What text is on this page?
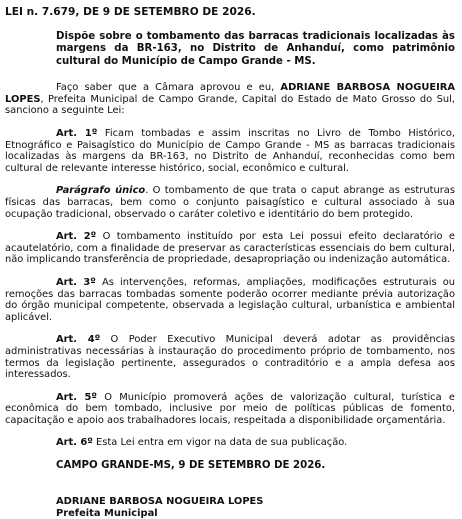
LEI n. 7.679, DE 9 DE SETEMBRO DE 2026.
Dispõe sobre o tombamento das barracas tradicionais localizadas às margens da BR-163, no Distrito de Anhanduí, como patrimônio cultural do Município de Campo Grande - MS.

Faço saber que a Câmara aprovou e eu, ADRIANE BARBOSA NOGUEIRA LOPES, Prefeita Municipal de Campo Grande, Capital do Estado de Mato Grosso do Sul, sanciono a seguinte Lei:

Art. 1º Ficam tombadas e assim inscritas no Livro de Tombo Histórico, Etnográfico e Paisagístico do Município de Campo Grande - MS as barracas tradicionais localizadas às margens da BR-163, no Distrito de Anhanduí, reconhecidas como bem cultural de relevante interesse histórico, social, econômico e cultural.

Parágrafo único. O tombamento de que trata o caput abrange as estruturas físicas das barracas, bem como o conjunto paisagístico e cultural associado à sua ocupação tradicional, observado o caráter coletivo e identitário do bem protegido.

Art. 2º O tombamento instituído por esta Lei possui efeito declaratório e acautelatório, com a finalidade de preservar as características essenciais do bem cultural, não implicando transferência de propriedade, desapropriação ou indenização automática.

Art. 3º As intervenções, reformas, ampliações, modificações estruturais ou remoções das barracas tombadas somente poderão ocorrer mediante prévia autorização do órgão municipal competente, observada a legislação cultural, urbanística e ambiental aplicável.

Art. 4º O Poder Executivo Municipal deverá adotar as providências administrativas necessárias à instauração do procedimento próprio de tombamento, nos termos da legislação pertinente, assegurados o contraditório e a ampla defesa aos interessados.

Art. 5º O Município promoverá ações de valorização cultural, turística e econômica do bem tombado, inclusive por meio de políticas públicas de fomento, capacitação e apoio aos trabalhadores locais, respeitada a disponibilidade orçamentária.

Art. 6º Esta Lei entra em vigor na data de sua publicação.

CAMPO GRANDE-MS, 9 DE SETEMBRO DE 2026.
ADRIANE BARBOSA NOGUEIRA LOPES
Prefeita Municipal
